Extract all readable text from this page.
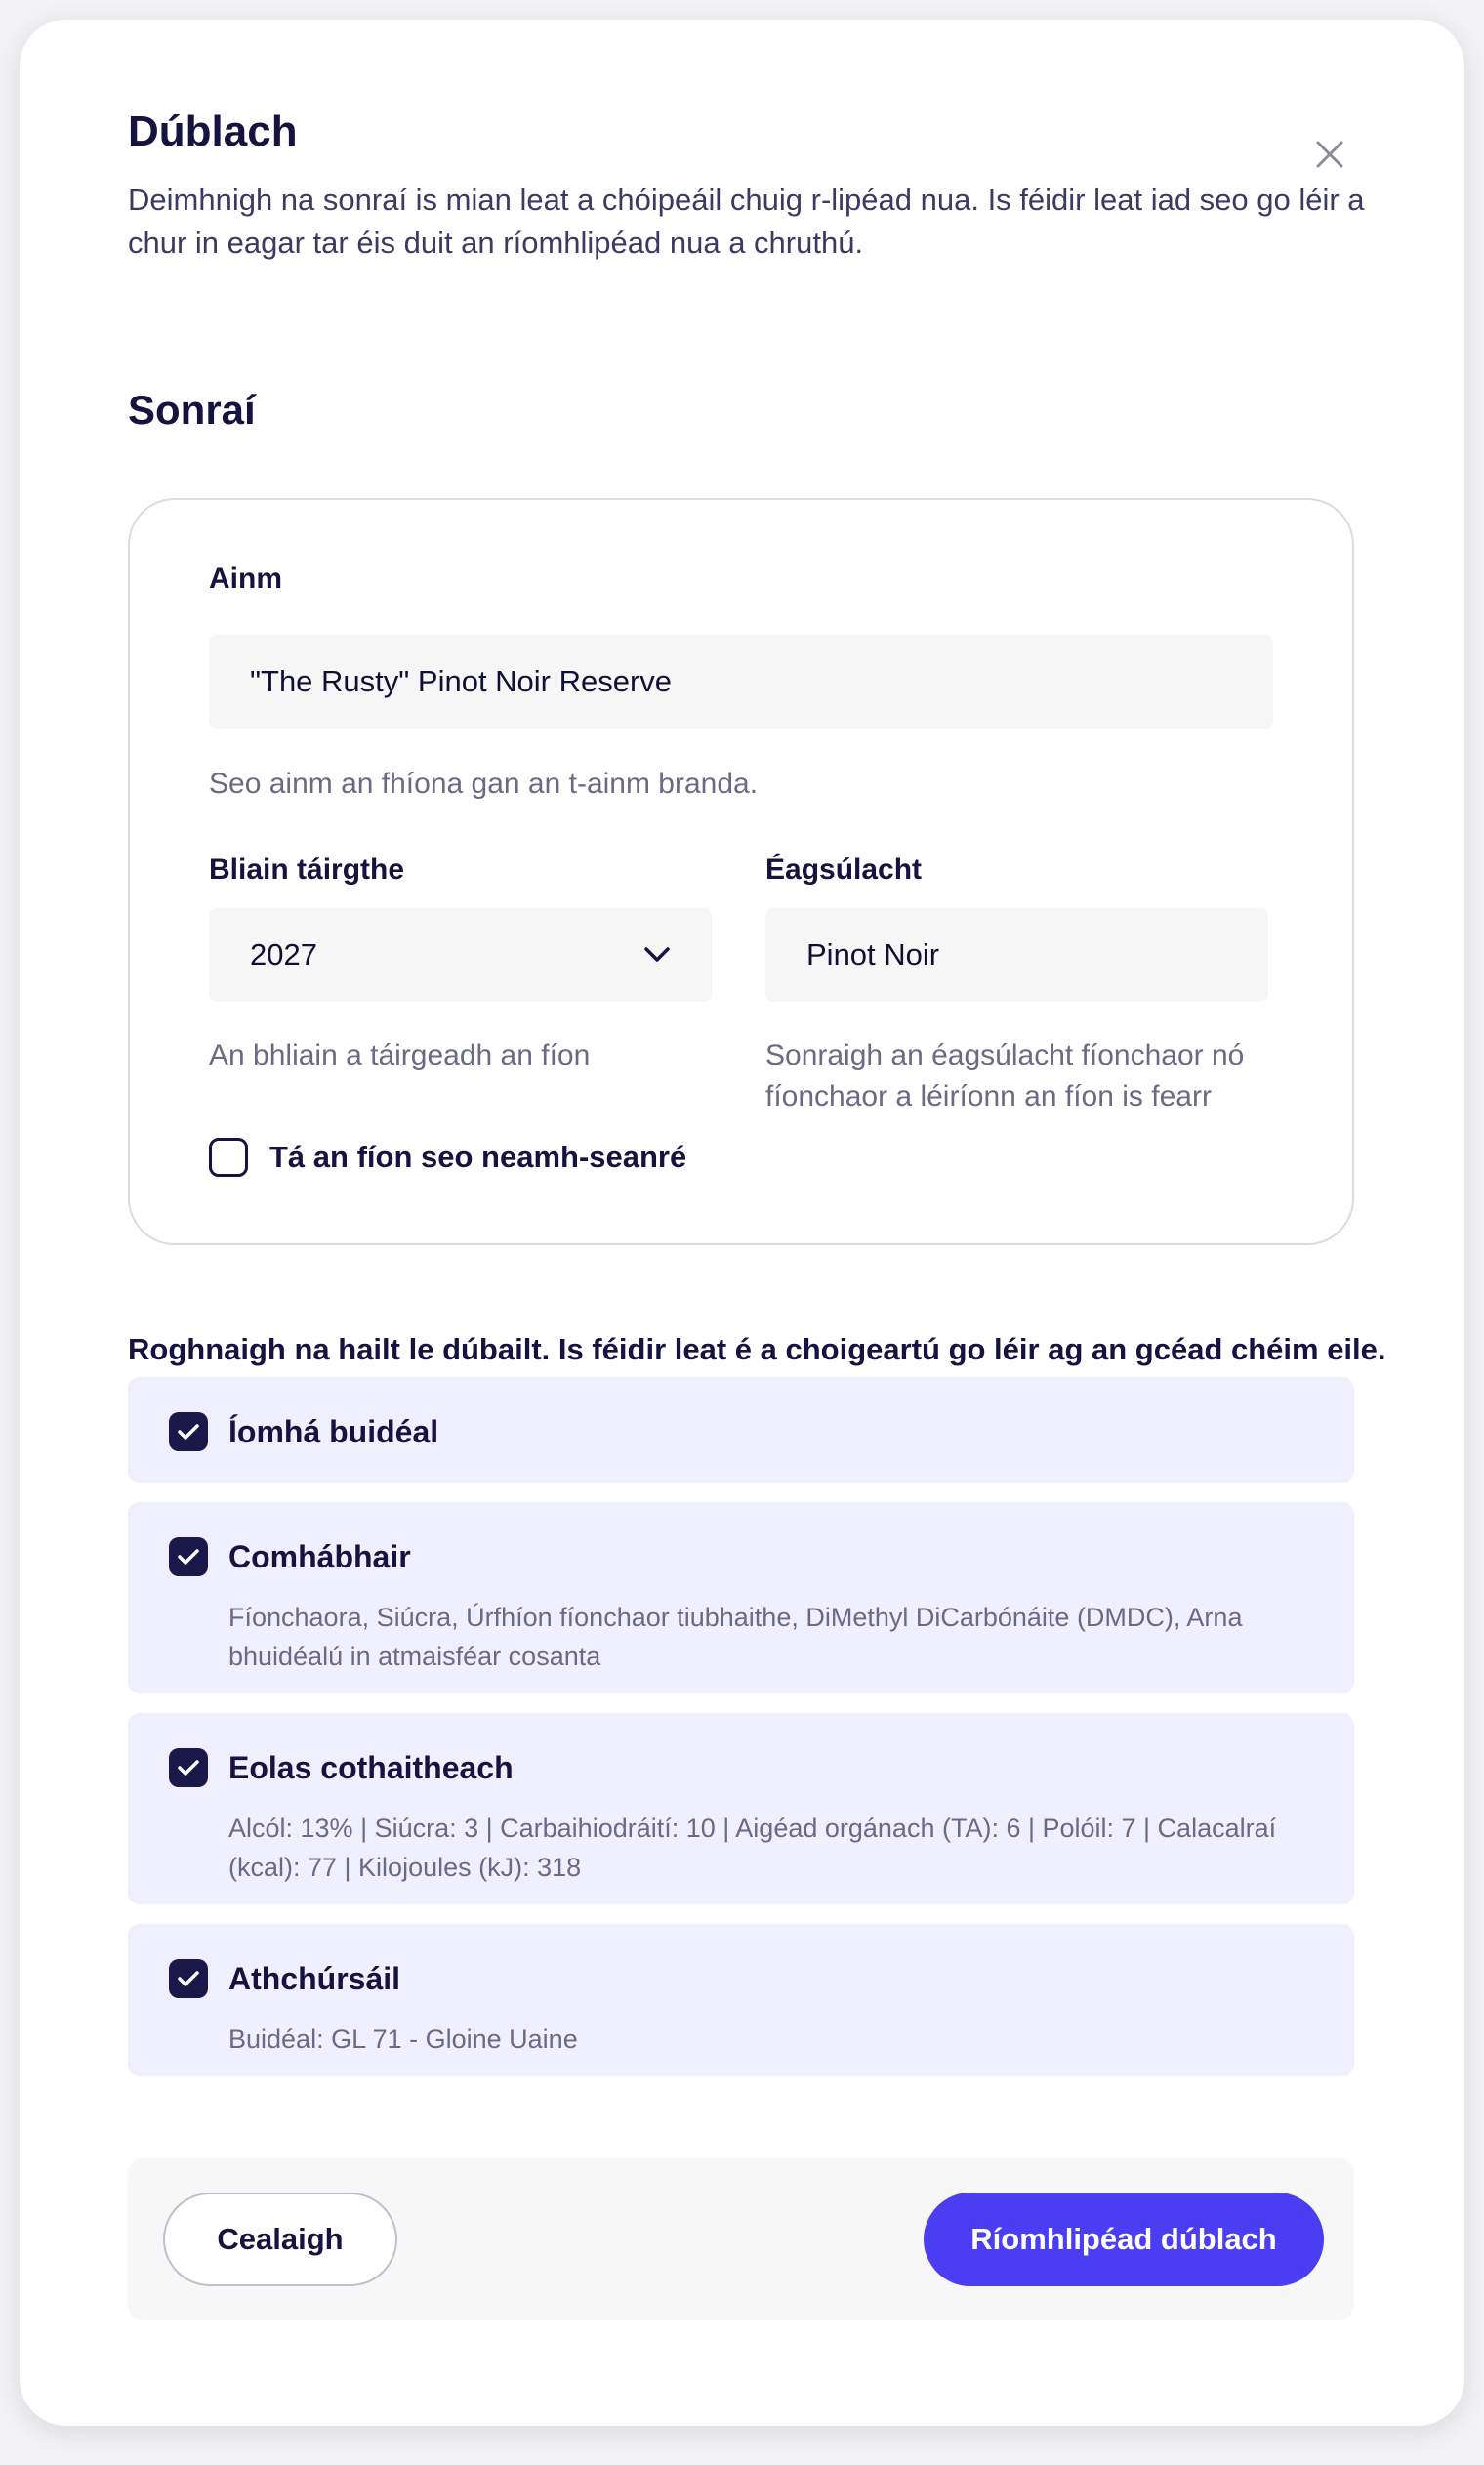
Dúblach
Deimhnigh na sonraí is mian leat a chóipeáil chuig r-lipéad nua. Is féidir leat iad seo go léir a chur in eagar tar éis duit an ríomhlipéad nua a chruthú.
Sonraí
Ainm
"The Rusty" Pinot Noir Reserve
Seo ainm an fhíona gan an t-ainm branda.
Bliain táirgthe
2027
An bhliain a táirgeadh an fíon
Éagsúlacht
Pinot Noir
Sonraigh an éagsúlacht fíonchaor nó fíonchaor a léiríonn an fíon is fearr
Tá an fíon seo neamh-seanré
Roghnaigh na hailt le dúbailt. Is féidir leat é a choigeartú go léir ag an gcéad chéim eile.
Íomhá buidéal
Comhábhair
Fíonchaora, Siúcra, Úrfhíon fíonchaor tiubhaithe, DiMethyl DiCarbónáite (DMDC), Arna bhuidéalú in atmaisféar cosanta
Eolas cothaitheach
Alcól: 13% | Siúcra: 3 | Carbaihiodráití: 10 | Aigéad orgánach (TA): 6 | Polóil: 7 | Calacalraí (kcal): 77 | Kilojoules (kJ): 318
Athchúrsáil
Buidéal: GL 71 - Gloine Uaine
Cealaigh	Ríomhlipéad dúblach
